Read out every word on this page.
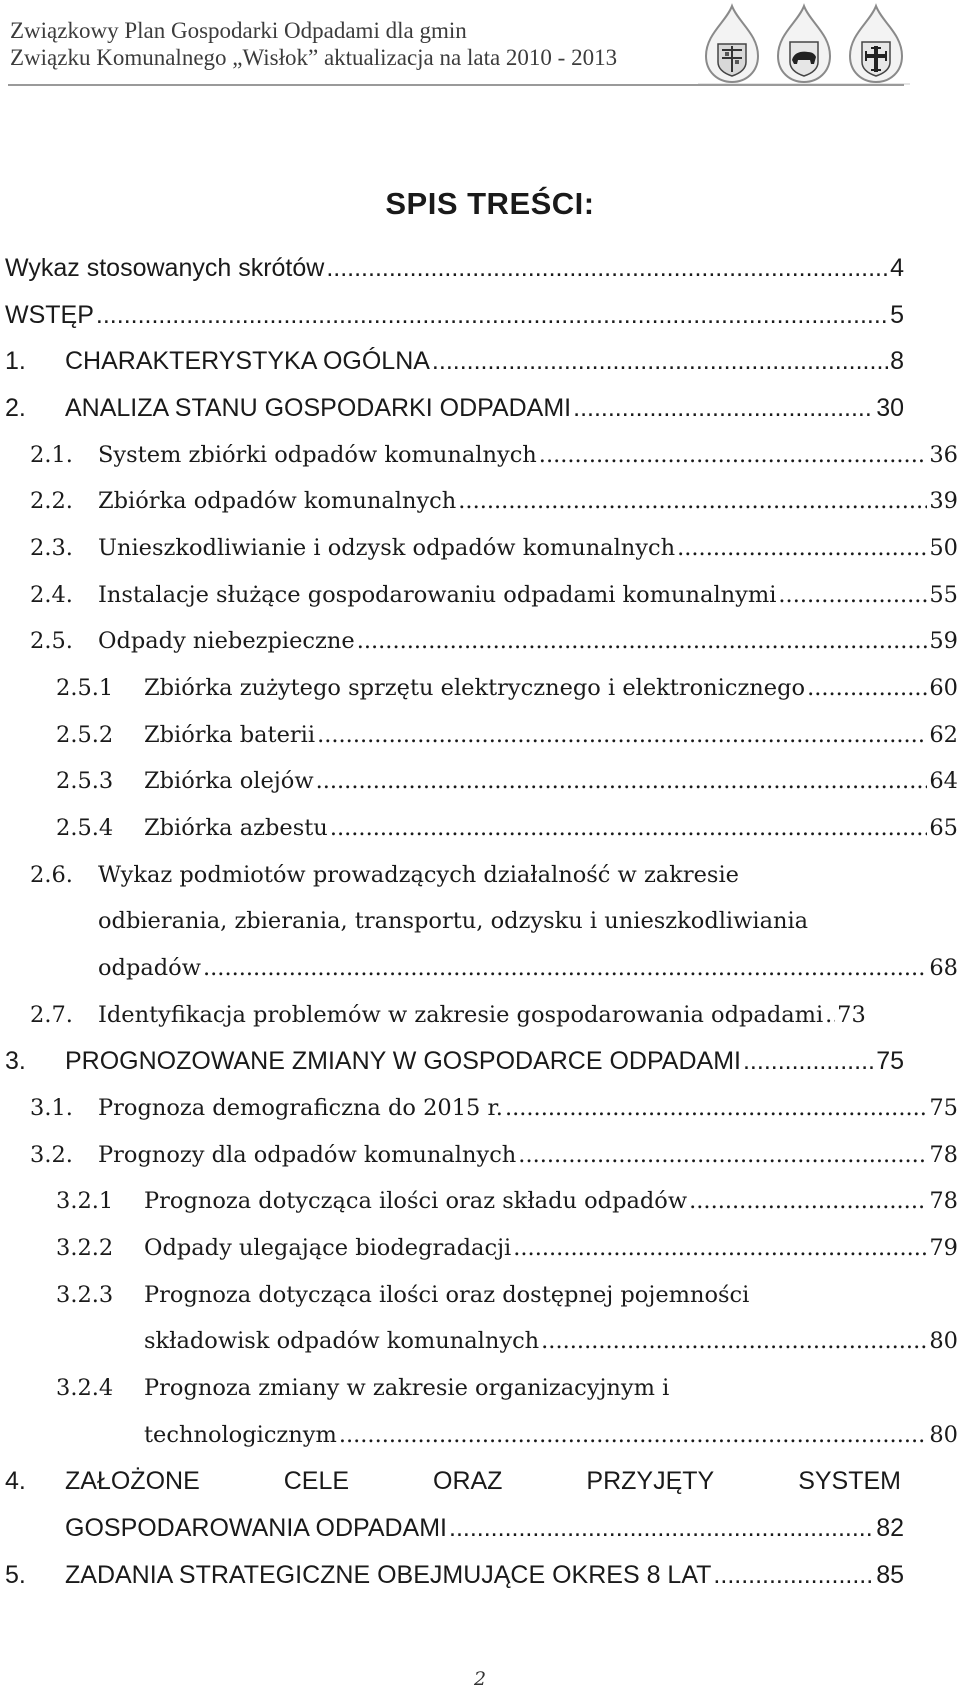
Związkowy Plan Gospodarki Odpadami dla gmin
Związku Komunalnego „Wisłok” aktualizacja na lata 2010 - 2013
SPIS TREŚCI:
Wykaz stosowanych skrótów .....	4
WSTĘP .....	5
1. CHARAKTERYSTYKA OGÓLNA .....	8
2. ANALIZA STANU GOSPODARKI ODPADAMI .....	30
2.1. System zbiórki odpadów komunalnych .....	36
2.2. Zbiórka odpadów komunalnych .....	39
2.3. Unieszkodliwianie i odzysk odpadów komunalnych .....	50
2.4. Instalacje służące gospodarowaniu odpadami komunalnymi .....	55
2.5. Odpady niebezpieczne .....	59
2.5.1 Zbiórka zużytego sprzętu elektrycznego i elektronicznego .....	60
2.5.2 Zbiórka baterii .....	62
2.5.3 Zbiórka olejów .....	64
2.5.4 Zbiórka azbestu .....	65
2.6. Wykaz podmiotów prowadzących działalność w zakresie
odbierania, zbierania, transportu, odzysku i unieszkodliwiania
odpadów .....	68
2.7. Identyfikacja problemów w zakresie gospodarowania odpadami ..... 73
3. PROGNOZOWANE ZMIANY W GOSPODARCE ODPADAMI .....	75
3.1. Prognoza demograficzna do 2015 r. .....	75
3.2. Prognozy dla odpadów komunalnych .....	78
3.2.1 Prognoza dotycząca ilości oraz składu odpadów .....	78
3.2.2 Odpady ulegające biodegradacji .....	79
3.2.3 Prognoza dotycząca ilości oraz dostępnej pojemności
składowisk odpadów komunalnych .....	80
3.2.4 Prognoza zmiany w zakresie organizacyjnym i
technologicznym .....	80
4. ZAŁOŻONE	CELE	ORAZ	PRZYJĘTY	SYSTEM
GOSPODAROWANIA ODPADAMI .....	82
5. ZADANIA STRATEGICZNE OBEJMUJĄCE OKRES 8 LAT .....	85
2
